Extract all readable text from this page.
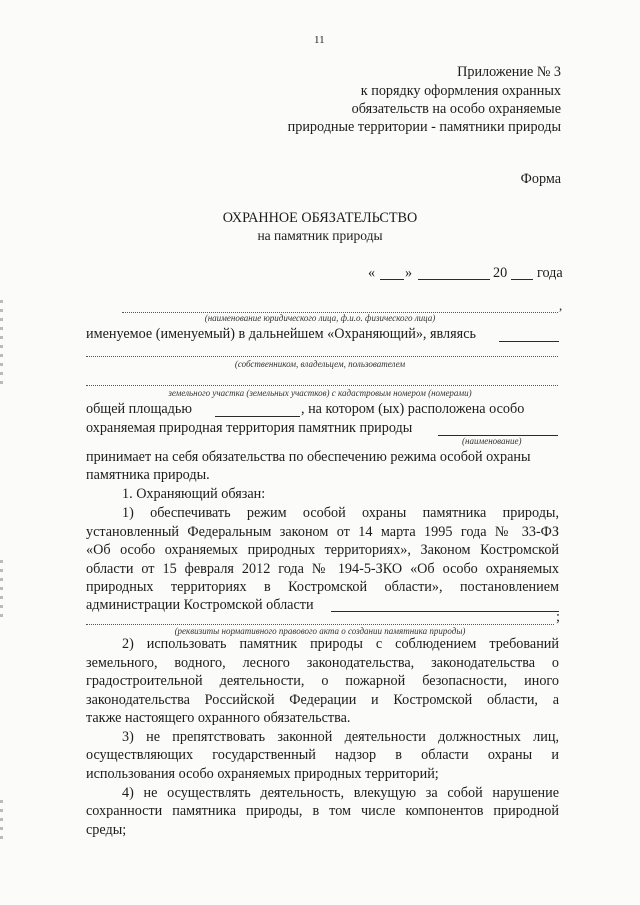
11
Приложение № 3
к порядку оформления охранных
обязательств на особо охраняемые
природные территории - памятники природы
Форма
ОХРАННОЕ ОБЯЗАТЕЛЬСТВО
на памятник природы
« »	20 года
,
(наименование юридического лица, ф.и.о. физического лица)
именуемое (именуемый) в дальнейшем «Охраняющий», являясь
(собственником, владельцем, пользователем
земельного участка (земельных участков) с кадастровым номером (номерами)
общей площадью	, на котором (ых) расположена особо
охраняемая природная территория памятник природы
(наименование)
принимает на себя обязательства по обеспечению режима особой охраны
памятника природы.
1. Охраняющий обязан:
1) обеспечивать режим особой охраны памятника природы,
установленный Федеральным законом от 14 марта 1995 года № 33-ФЗ
«Об особо охраняемых природных территориях», Законом Костромской
области от 15 февраля 2012 года № 194-5-ЗКО «Об особо охраняемых
природных территориях в Костромской области», постановлением
администрации Костромской области
;
(реквизиты нормативного правового акта о создании памятника природы)
2) использовать памятник природы с соблюдением требований
земельного, водного, лесного законодательства, законодательства о
градостроительной деятельности, о пожарной безопасности, иного
законодательства Российской Федерации и Костромской области, а
также настоящего охранного обязательства.
3) не препятствовать законной деятельности должностных лиц,
осуществляющих государственный надзор в области охраны и
использования особо охраняемых природных территорий;
4) не осуществлять деятельность, влекущую за собой нарушение
сохранности памятника природы, в том числе компонентов природной
среды;
